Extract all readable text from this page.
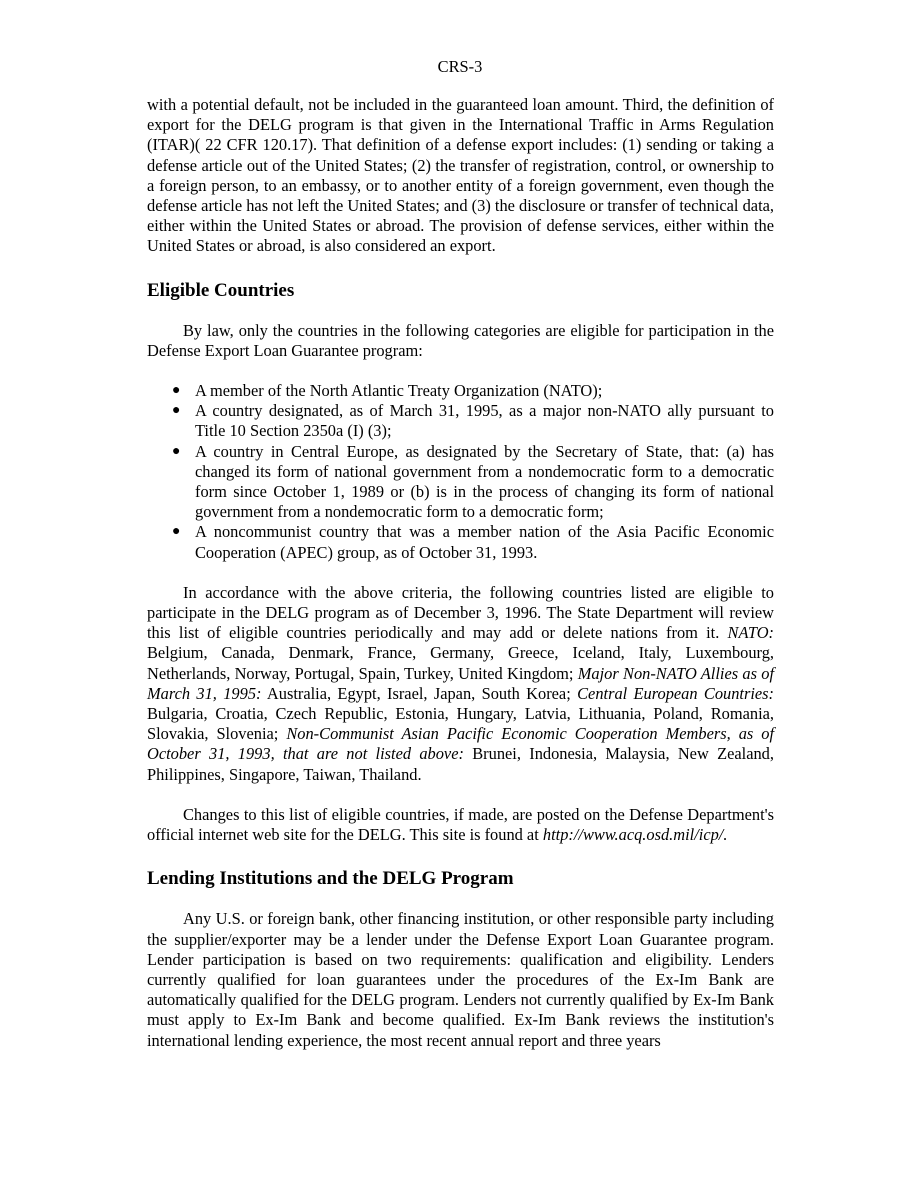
CRS-3

with a potential default, not be included in the guaranteed loan amount. Third, the definition of export for the DELG program is that given in the International Traffic in Arms Regulation (ITAR)( 22 CFR 120.17). That definition of a defense export includes: (1) sending or taking a defense article out of the United States; (2) the transfer of registration, control, or ownership to a foreign person, to an embassy, or to another entity of a foreign government, even though the defense article has not left the United States; and (3) the disclosure or transfer of technical data, either within the United States or abroad. The provision of defense services, either within the United States or abroad, is also considered an export.

Eligible Countries

By law, only the countries in the following categories are eligible for participation in the Defense Export Loan Guarantee program:

● A member of the North Atlantic Treaty Organization (NATO);
● A country designated, as of March 31, 1995, as a major non-NATO ally pursuant to Title 10 Section 2350a (I) (3);
● A country in Central Europe, as designated by the Secretary of State, that: (a) has changed its form of national government from a nondemocratic form to a democratic form since October 1, 1989 or (b) is in the process of changing its form of national government from a nondemocratic form to a democratic form;
● A noncommunist country that was a member nation of the Asia Pacific Economic Cooperation (APEC) group, as of October 31, 1993.

In accordance with the above criteria, the following countries listed are eligible to participate in the DELG program as of December 3, 1996. The State Department will review this list of eligible countries periodically and may add or delete nations from it. NATO: Belgium, Canada, Denmark, France, Germany, Greece, Iceland, Italy, Luxembourg, Netherlands, Norway, Portugal, Spain, Turkey, United Kingdom; Major Non-NATO Allies as of March 31, 1995: Australia, Egypt, Israel, Japan, South Korea; Central European Countries: Bulgaria, Croatia, Czech Republic, Estonia, Hungary, Latvia, Lithuania, Poland, Romania, Slovakia, Slovenia; Non-Communist Asian Pacific Economic Cooperation Members, as of October 31, 1993, that are not listed above: Brunei, Indonesia, Malaysia, New Zealand, Philippines, Singapore, Taiwan, Thailand.

Changes to this list of eligible countries, if made, are posted on the Defense Department's official internet web site for the DELG. This site is found at http://www.acq.osd.mil/icp/.

Lending Institutions and the DELG Program

Any U.S. or foreign bank, other financing institution, or other responsible party including the supplier/exporter may be a lender under the Defense Export Loan Guarantee program. Lender participation is based on two requirements: qualification and eligibility. Lenders currently qualified for loan guarantees under the procedures of the Ex-Im Bank are automatically qualified for the DELG program. Lenders not currently qualified by Ex-Im Bank must apply to Ex-Im Bank and become qualified. Ex-Im Bank reviews the institution's international lending experience, the most recent annual report and three years
